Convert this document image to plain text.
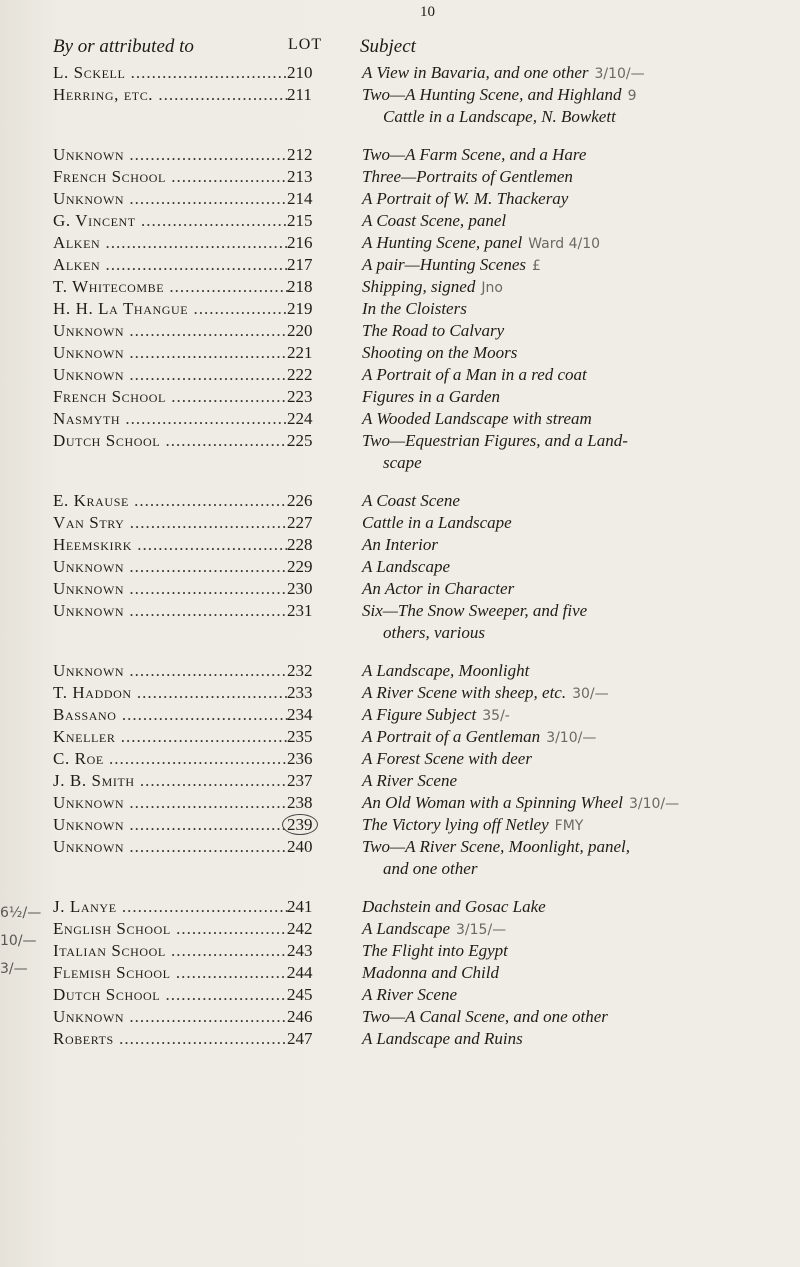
10
By or attributed to	LOT Subject
L. Sckell .....	210	A View in Bavaria, and one other 3/10/—
Herring, etc. .....	211	Two—A Hunting Scene, and Highland 9
Cattle in a Landscape, N. Bowkett
Unknown .....	212	Two—A Farm Scene, and a Hare
French School .....	213	Three—Portraits of Gentlemen
Unknown .....	214	A Portrait of W. M. Thackeray
G. Vincent .....	215	A Coast Scene, panel
Alken .....	216	A Hunting Scene, panel Ward 4/10
Alken .....	217	A pair—Hunting Scenes £
T. Whitecombe .....	218	Shipping, signed Jno
H. H. La Thangue .....	219	In the Cloisters
Unknown .....	220	The Road to Calvary
Unknown .....	221	Shooting on the Moors
Unknown .....	222	A Portrait of a Man in a red coat
French School .....	223	Figures in a Garden
Nasmyth .....	224	A Wooded Landscape with stream
Dutch School .....	225	Two—Equestrian Figures, and a Land-
scape
E. Krause .....	226	A Coast Scene
Van Stry .....	227	Cattle in a Landscape
Heemskirk .....	228	An Interior
Unknown .....	229	A Landscape
Unknown .....	230	An Actor in Character
Unknown .....	231	Six—The Snow Sweeper, and five
others, various
Unknown .....	232	A Landscape, Moonlight
T. Haddon .....	233	A River Scene with sheep, etc. 30/—
Bassano .....	234	A Figure Subject 35/-
Kneller .....	235	A Portrait of a Gentleman 3/10/—
C. Roe .....	236	A Forest Scene with deer
J. B. Smith .....	237	A River Scene
Unknown .....	238	An Old Woman with a Spinning Wheel 3/10/—
Unknown .....	239	The Victory lying off Netley FMY
Unknown .....	240	Two—A River Scene, Moonlight, panel,
and one other
J. Lanye .....	241	Dachstein and Gosac Lake
English School .....	242	A Landscape 3/15/—
Italian School .....	243	The Flight into Egypt
Flemish School .....	244	Madonna and Child
Dutch School .....	245	A River Scene
Unknown .....	246	Two—A Canal Scene, and one other
Roberts .....	247	A Landscape and Ruins
6½/—
10/—
3/—
